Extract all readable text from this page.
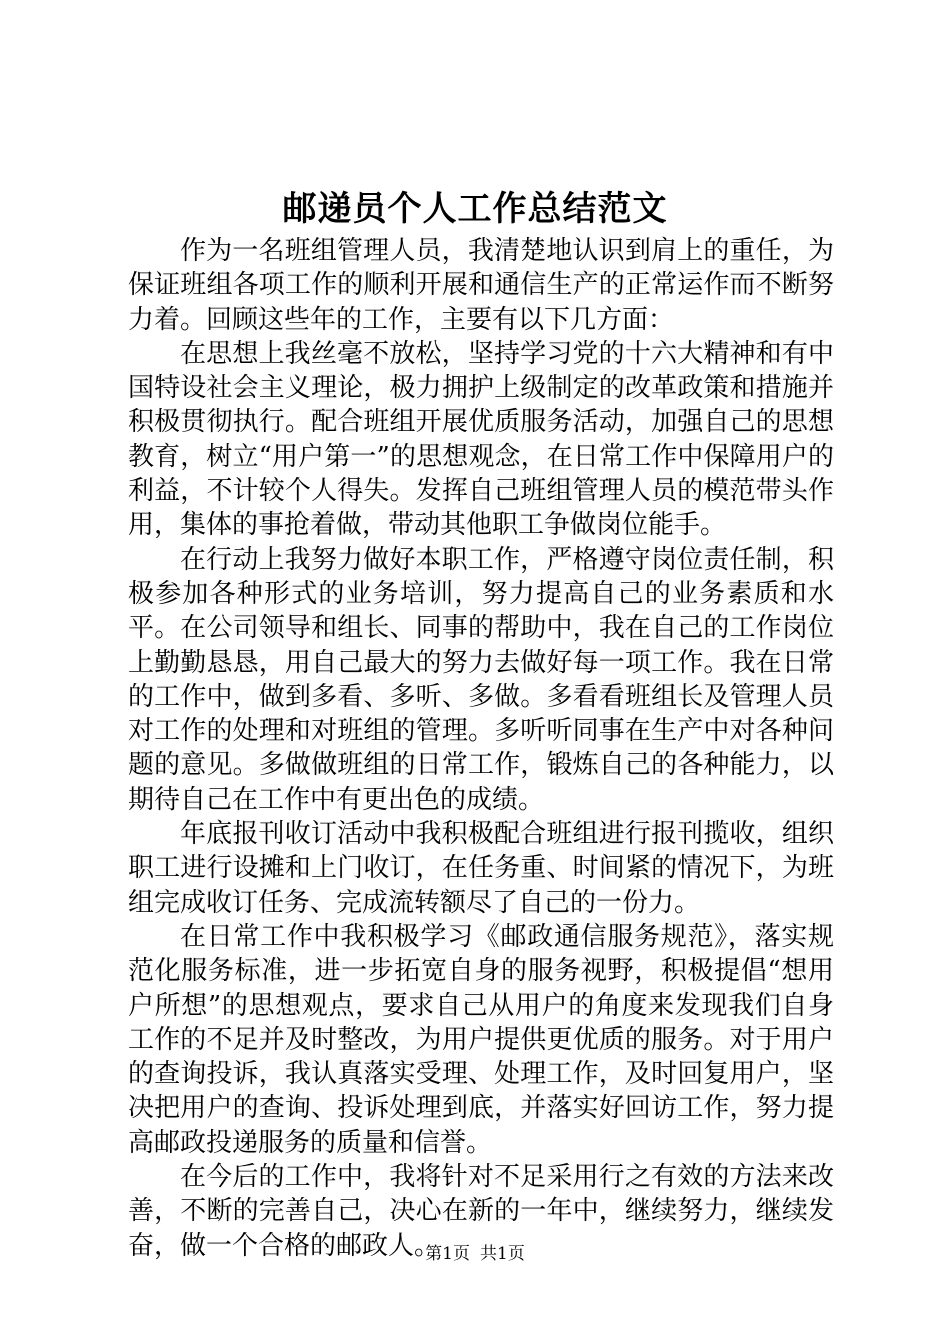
邮递员个人工作总结范文

作为一名班组管理人员，我清楚地认识到肩上的重任，为保证班组各项工作的顺利开展和通信生产的正常运作而不断努力着。回顾这些年的工作，主要有以下几方面：

在思想上我丝毫不放松，坚持学习党的十六大精神和有中国特设社会主义理论，极力拥护上级制定的改革政策和措施并积极贯彻执行。配合班组开展优质服务活动，加强自己的思想教育，树立“用户第一”的思想观念，在日常工作中保障用户的利益，不计较个人得失。发挥自己班组管理人员的模范带头作用，集体的事抢着做，带动其他职工争做岗位能手。

在行动上我努力做好本职工作，严格遵守岗位责任制，积极参加各种形式的业务培训，努力提高自己的业务素质和水平。在公司领导和组长、同事的帮助中，我在自己的工作岗位上勤勤恳恳，用自己最大的努力去做好每一项工作。我在日常的工作中，做到多看、多听、多做。多看看班组长及管理人员对工作的处理和对班组的管理。多听听同事在生产中对各种问题的意见。多做做班组的日常工作，锻炼自己的各种能力，以期待自己在工作中有更出色的成绩。

年底报刊收订活动中我积极配合班组进行报刊揽收，组织职工进行设摊和上门收订，在任务重、时间紧的情况下，为班组完成收订任务、完成流转额尽了自己的一份力。

在日常工作中我积极学习《邮政通信服务规范》，落实规范化服务标准，进一步拓宽自身的服务视野，积极提倡“想用户所想”的思想观点，要求自己从用户的角度来发现我们自身工作的不足并及时整改，为用户提供更优质的服务。对于用户的查询投诉，我认真落实受理、处理工作，及时回复用户，坚决把用户的查询、投诉处理到底，并落实好回访工作，努力提高邮政投递服务的质量和信誉。

在今后的工作中，我将针对不足采用行之有效的方法来改善，不断的完善自己，决心在新的一年中，继续努力，继续发奋，做一个合格的邮政人。

第1页 共1页
